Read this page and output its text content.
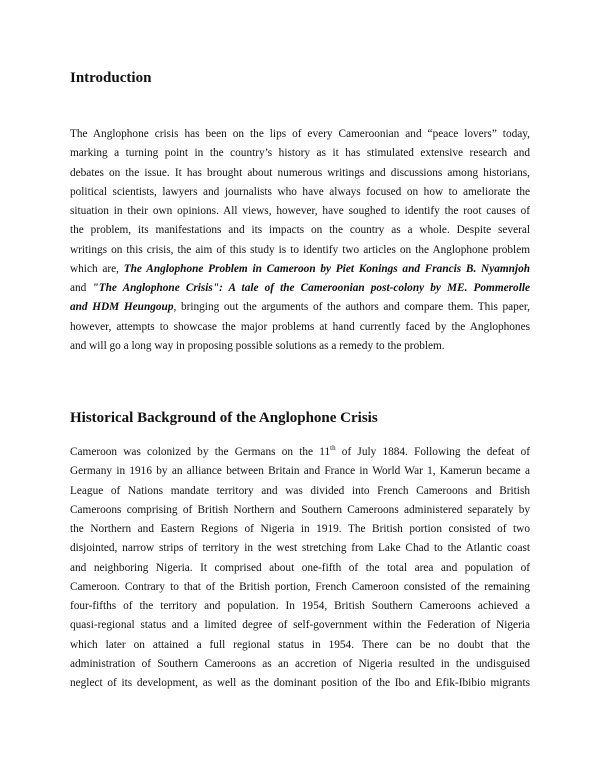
Introduction
The Anglophone crisis has been on the lips of every Cameroonian and “peace lovers” today,
marking a turning point in the country’s history as it has stimulated extensive research and
debates on the issue. It has brought about numerous writings and discussions among historians,
political scientists, lawyers and journalists who have always focused on how to ameliorate the
situation in their own opinions. All views, however, have soughed to identify the root causes of
the problem, its manifestations and its impacts on the country as a whole. Despite several
writings on this crisis, the aim of this study is to identify two articles on the Anglophone problem
which are, The Anglophone Problem in Cameroon by Piet Konings and Francis B. Nyamnjoh
and "The Anglophone Crisis": A tale of the Cameroonian post-colony by ME. Pommerolle
and HDM Heungoup, bringing out the arguments of the authors and compare them. This paper,
however, attempts to showcase the major problems at hand currently faced by the Anglophones
and will go a long way in proposing possible solutions as a remedy to the problem.
Historical Background of the Anglophone Crisis
Cameroon was colonized by the Germans on the 11th of July 1884. Following the defeat of
Germany in 1916 by an alliance between Britain and France in World War 1, Kamerun became a
League of Nations mandate territory and was divided into French Cameroons and British
Cameroons comprising of British Northern and Southern Cameroons administered separately by
the Northern and Eastern Regions of Nigeria in 1919. The British portion consisted of two
disjointed, narrow strips of territory in the west stretching from Lake Chad to the Atlantic coast
and neighboring Nigeria. It comprised about one-fifth of the total area and population of
Cameroon. Contrary to that of the British portion, French Cameroon consisted of the remaining
four-fifths of the territory and population. In 1954, British Southern Cameroons achieved a
quasi-regional status and a limited degree of self-government within the Federation of Nigeria
which later on attained a full regional status in 1954. There can be no doubt that the
administration of Southern Cameroons as an accretion of Nigeria resulted in the undisguised
neglect of its development, as well as the dominant position of the Ibo and Efik-Ibibio migrants
